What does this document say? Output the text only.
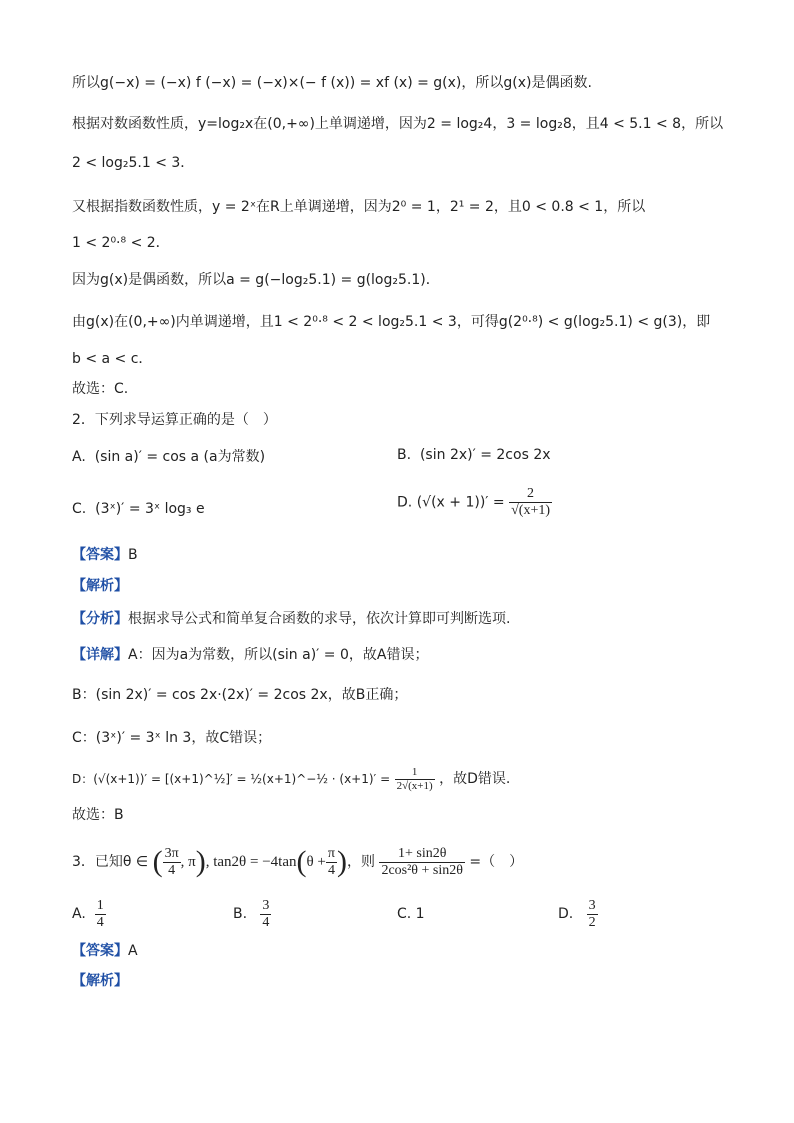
所以g(−x) = (−x) f (−x) = (−x)×(− f (x)) = xf (x) = g(x)，所以g(x)是偶函数.
根据对数函数性质，y=log₂x在(0,+∞)上单调递增，因为2 = log₂4，3 = log₂8，且4 < 5.1 < 8，所以
2 < log₂5.1 < 3．
又根据指数函数性质，y = 2ˣ在R上单调递增，因为2⁰ = 1，2¹ = 2，且0 < 0.8 < 1，所以
1 < 2⁰·⁸ < 2．
因为g(x)是偶函数，所以a = g(−log₂5.1) = g(log₂5.1)．
由g(x)在(0,+∞)内单调递增，且1 < 2⁰·⁸ < 2 < log₂5.1 < 3，可得g(2⁰·⁸) < g(log₂5.1) < g(3)，即
b < a < c．
故选：C.
2．下列求导运算正确的是（　）
A. (sin a)′ = cos a (a为常数)	B. (sin 2x)′ = 2cos 2x
C. (3ˣ)′ = 3ˣ log₃ e	D. $(√(x + 1))' = \frac{2}{√(x+1)}$
【答案】B
【解析】
【分析】根据求导公式和简单复合函数的求导，依次计算即可判断选项.
【详解】A：因为a为常数，所以(sin a)′ = 0，故A错误；
B：(sin 2x)′ = cos 2x·(2x)′ = 2cos 2x，故B正确；
C：(3ˣ)′ = 3ˣ ln 3，故C错误；
D：(√(x+1))′ = [(x+1)^½]′ = ½(x+1)^−½ · $(x+1)' = \frac{1}{2√(x+1)}$ ，故D错误.
故选：B
3．已知θ ∈ ( $\frac{3\pi}{4}$ , π), $\tan 2\theta = -4\tan(\theta + \frac{\pi}{4}$ )，则 $\frac{1+ \sin 2\theta}{\text{2cos²θ + sin2θ}}$ =（　）
A. $\frac{1}{4}$	B. $\frac{3}{4}$	C. 1	D. $\frac{3}{2}$
【答案】A
【解析】
